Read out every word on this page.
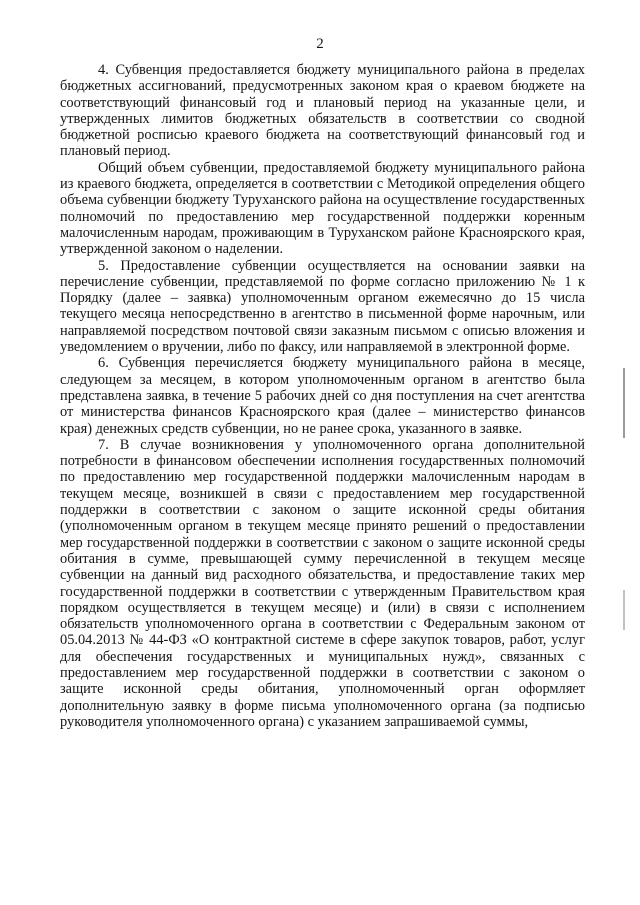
2

4. Субвенция предоставляется бюджету муниципального района в пределах бюджетных ассигнований, предусмотренных законом края о краевом бюджете на соответствующий финансовый год и плановый период на указанные цели, и утвержденных лимитов бюджетных обязательств в соответствии со сводной бюджетной росписью краевого бюджета на соответствующий финансовый год и плановый период.

Общий объем субвенции, предоставляемой бюджету муниципального района из краевого бюджета, определяется в соответствии с Методикой определения общего объема субвенции бюджету Туруханского района на осуществление государственных полномочий по предоставлению мер государственной поддержки коренным малочисленным народам, проживающим в Туруханском районе Красноярского края, утвержденной законом о наделении.

5. Предоставление субвенции осуществляется на основании заявки на перечисление субвенции, представляемой по форме согласно приложению № 1 к Порядку (далее – заявка) уполномоченным органом ежемесячно до 15 числа текущего месяца непосредственно в агентство в письменной форме нарочным, или направляемой посредством почтовой связи заказным письмом с описью вложения и уведомлением о вручении, либо по факсу, или направляемой в электронной форме.

6. Субвенция перечисляется бюджету муниципального района в месяце, следующем за месяцем, в котором уполномоченным органом в агентство была представлена заявка, в течение 5 рабочих дней со дня поступления на счет агентства от министерства финансов Красноярского края (далее – министерство финансов края) денежных средств субвенции, но не ранее срока, указанного в заявке.

7. В случае возникновения у уполномоченного органа дополнительной потребности в финансовом обеспечении исполнения государственных полномочий по предоставлению мер государственной поддержки малочисленным народам в текущем месяце, возникшей в связи с предоставлением мер государственной поддержки в соответствии с законом о защите исконной среды обитания (уполномоченным органом в текущем месяце принято решений о предоставлении мер государственной поддержки в соответствии с законом о защите исконной среды обитания в сумме, превышающей сумму перечисленной в текущем месяце субвенции на данный вид расходного обязательства, и предоставление таких мер государственной поддержки в соответствии с утвержденным Правительством края порядком осуществляется в текущем месяце) и (или) в связи с исполнением обязательств уполномоченного органа в соответствии с Федеральным законом от 05.04.2013 № 44-ФЗ «О контрактной системе в сфере закупок товаров, работ, услуг для обеспечения государственных и муниципальных нужд», связанных с предоставлением мер государственной поддержки в соответствии с законом о защите исконной среды обитания, уполномоченный орган оформляет дополнительную заявку в форме письма уполномоченного органа (за подписью руководителя уполномоченного органа) с указанием запрашиваемой суммы,
